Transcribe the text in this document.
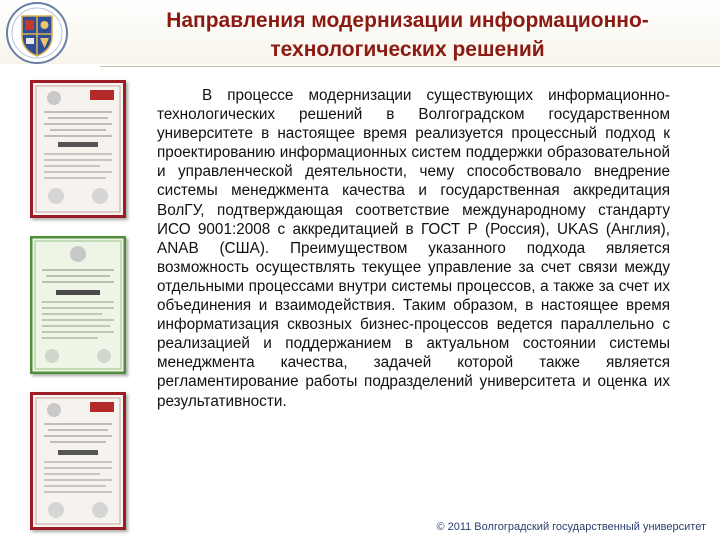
Направления модернизации информационно-
технологических решений
В процессе модернизации существующих информационно-технологических решений в Волгоградском государственном университете в настоящее время реализуется процессный подход к проектированию информационных систем поддержки образовательной и управленческой деятельности, чему способствовало внедрение системы менеджмента качества и государственная аккредитация ВолГУ, подтверждающая соответствие международному стандарту ИСО 9001:2008 с аккредитацией в ГОСТ Р (Россия), UKAS (Англия), ANAB (США). Преимуществом указанного подхода является возможность осуществлять текущее управление за счет связи между отдельными процессами внутри системы процессов, а также за счет их объединения и взаимодействия. Таким образом, в настоящее время информатизация сквозных бизнес-процессов ведется параллельно с реализацией и поддержанием в актуальном состоянии системы менеджмента качества, задачей которой также является регламентирование работы подразделений университета и оценка их результативности.
© 2011 Волгоградский государственный университет
